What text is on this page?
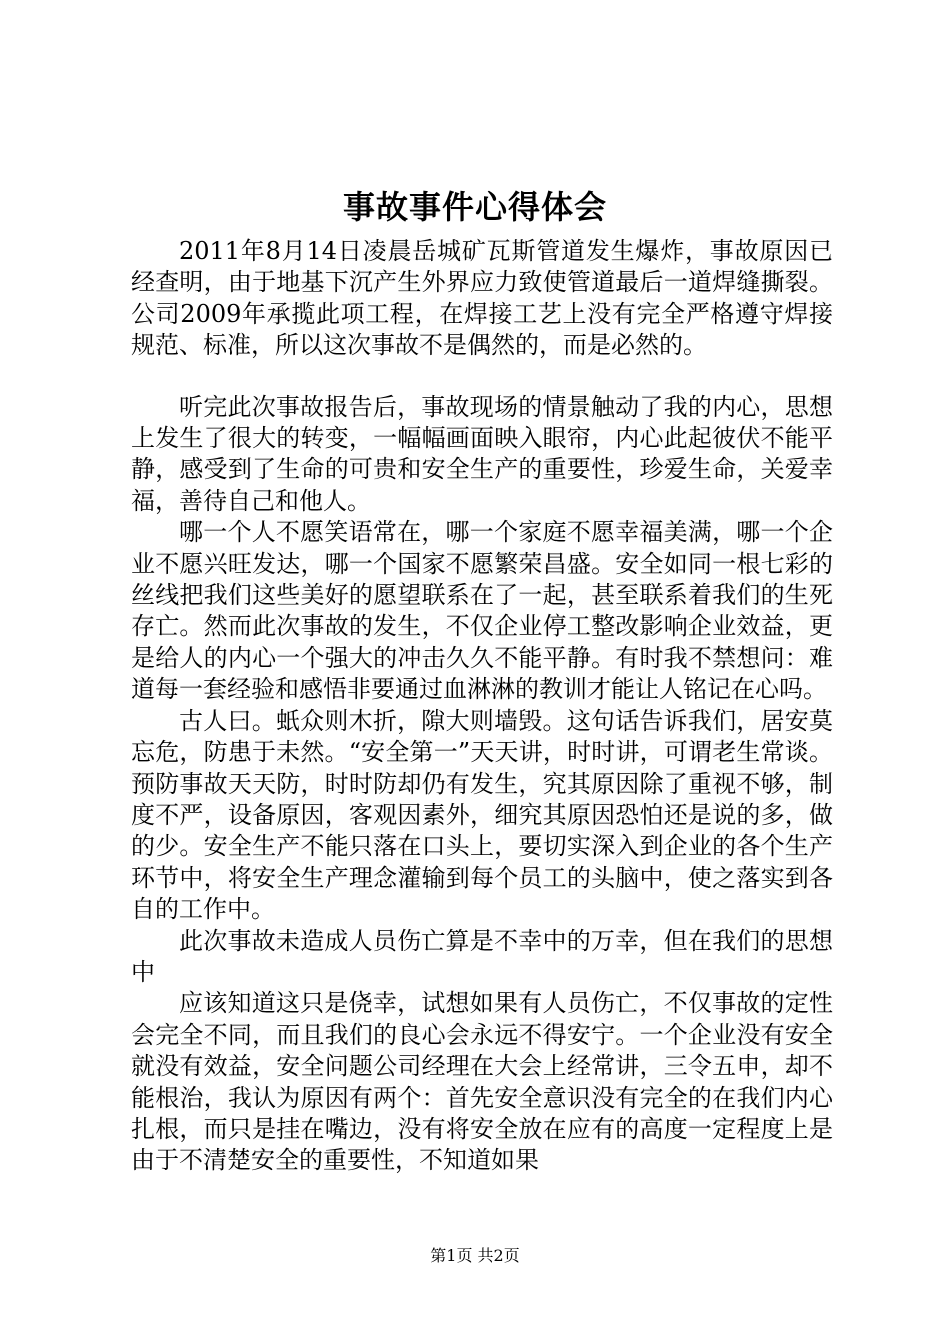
事故事件心得体会

2011年8月14日凌晨岳城矿瓦斯管道发生爆炸，事故原因已经查明，由于地基下沉产生外界应力致使管道最后一道焊缝撕裂。公司2009年承揽此项工程，在焊接工艺上没有完全严格遵守焊接规范、标准，所以这次事故不是偶然的，而是必然的。

听完此次事故报告后，事故现场的情景触动了我的内心，思想上发生了很大的转变，一幅幅画面映入眼帘，内心此起彼伏不能平静，感受到了生命的可贵和安全生产的重要性，珍爱生命，关爱幸福，善待自己和他人。

哪一个人不愿笑语常在，哪一个家庭不愿幸福美满，哪一个企业不愿兴旺发达，哪一个国家不愿繁荣昌盛。安全如同一根七彩的丝线把我们这些美好的愿望联系在了一起，甚至联系着我们的生死存亡。然而此次事故的发生，不仅企业停工整改影响企业效益，更是给人的内心一个强大的冲击久久不能平静。有时我不禁想问：难道每一套经验和感悟非要通过血淋淋的教训才能让人铭记在心吗。

古人曰。蚔众则木折，隙大则墙毁。这句话告诉我们，居安莫忘危，防患于未然。“安全第一”天天讲，时时讲，可谓老生常谈。预防事故天天防，时时防却仍有发生，究其原因除了重视不够，制度不严，设备原因，客观因素外，细究其原因恐怕还是说的多，做的少。安全生产不能只落在口头上，要切实深入到企业的各个生产环节中，将安全生产理念灌输到每个员工的头脑中，使之落实到各自的工作中。

此次事故未造成人员伤亡算是不幸中的万幸，但在我们的思想中

应该知道这只是侥幸，试想如果有人员伤亡，不仅事故的定性会完全不同，而且我们的良心会永远不得安宁。一个企业没有安全就没有效益，安全问题公司经理在大会上经常讲，三令五申，却不能根治，我认为原因有两个：首先安全意识没有完全的在我们内心扎根，而只是挂在嘴边，没有将安全放在应有的高度一定程度上是由于不清楚安全的重要性，不知道如果

第1页 共2页
